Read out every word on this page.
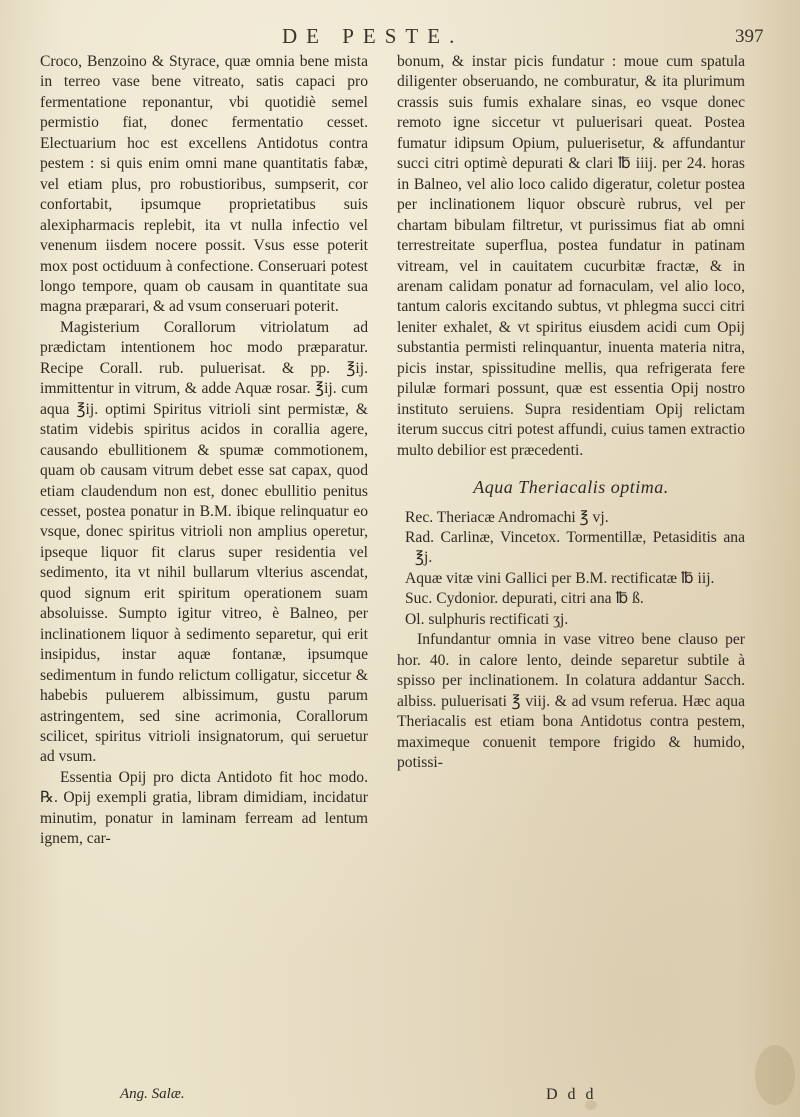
DE PESTE.	397

Croco, Benzoino & Styrace, quæ omnia bene mista in terreo vase bene vitreato, satis capaci pro fermentatione reponantur, vbi quotidiè semel permistio fiat, donec fermentatio cesset. Electuarium hoc est excellens Antidotus contra pestem : si quis enim omni mane quantitatis fabæ, vel etiam plus, pro robustioribus, sumpserit, cor confortabit, ipsumque proprietatibus suis alexipharmacis replebit, ita vt nulla infectio vel venenum iisdem nocere possit. Vsus esse poterit mox post octiduum à confectione. Conseruari potest longo tempore, quam ob causam in quantitate sua magna præparari, & ad vsum conseruari poterit.

Magisterium Corallorum vitriolatum ad prædictam intentionem hoc modo præparatur. Recipe Corall. rub. puluerisat. & pp. ℥ij. immittentur in vitrum, & adde Aquæ rosar. ℥ij. cum aqua ℥ij. optimi Spiritus vitrioli sint permistæ, & statim videbis spiritus acidos in corallia agere, causando ebullitionem & spumæ commotionem, quam ob causam vitrum debet esse sat capax, quod etiam claudendum non est, donec ebullitio penitus cesset, postea ponatur in B.M. ibique relinquatur eo vsque, donec spiritus vitrioli non amplius operetur, ipseque liquor fit clarus super residentia vel sedimento, ita vt nihil bullarum vlterius ascendat, quod signum erit spiritum operationem suam absoluisse. Sumpto igitur vitreo, è Balneo, per inclinationem liquor à sedimento separetur, qui erit insipidus, instar aquæ fontanæ, ipsumque sedimentum in fundo relictum colligatur, siccetur & habebis puluerem albissimum, gustu parum astringentem, sed sine acrimonia, Corallorum scilicet, spiritus vitrioli insignatorum, qui seruetur ad vsum.

Essentia Opij pro dicta Antidoto fit hoc modo. ℞. Opij exempli gratia, libram dimidiam, incidatur minutim, ponatur in laminam ferream ad lentum ignem, car-

bonum, & instar picis fundatur : moue cum spatula diligenter obseruando, ne comburatur, & ita plurimum crassis suis fumis exhalare sinas, eo vsque donec remoto igne siccetur vt puluerisari queat. Postea fumatur idipsum Opium, puluerisetur, & affundantur succi citri optimè depurati & clari ℔ iiij. per 24. horas in Balneo, vel alio loco calido digeratur, coletur postea per inclinationem liquor obscurè rubrus, vel per chartam bibulam filtretur, vt purissimus fiat ab omni terrestreitate superflua, postea fundatur in patinam vitream, vel in cauitatem cucurbitæ fractæ, & in arenam calidam ponatur ad fornaculam, vel alio loco, tantum caloris excitando subtus, vt phlegma succi citri leniter exhalet, & vt spiritus eiusdem acidi cum Opij substantia permisti relinquantur, inuenta materia nitra, picis instar, spissitudine mellis, qua refrigerata fere pilulæ formari possunt, quæ est essentia Opij nostro instituto seruiens. Supra residentiam Opij relictam iterum succus citri potest affundi, cuius tamen extractio multo debilior est præcedenti.

Aqua Theriacalis optima.

Rec. Theriacæ Andromachi ℥ vj.

Rad. Carlinæ, Vincetox. Tormentillæ, Petasiditis ana ℥j.

Aquæ vitæ vini Gallici per B.M. rectificatæ ℔ iij.

Suc. Cydonior. depurati, citri ana ℔ ß.

Ol. sulphuris rectificati ʒj.

Infundantur omnia in vase vitreo bene clauso per hor. 40. in calore lento, deinde separetur subtile à spisso per inclinationem. In colatura addantur Sacch. albiss. puluerisati ℥ viij. & ad vsum referua. Hæc aqua Theriacalis est etiam bona Antidotus contra pestem, maximeque conuenit tempore frigido & humido, potissi-

Ang. Salæ.	D d d
